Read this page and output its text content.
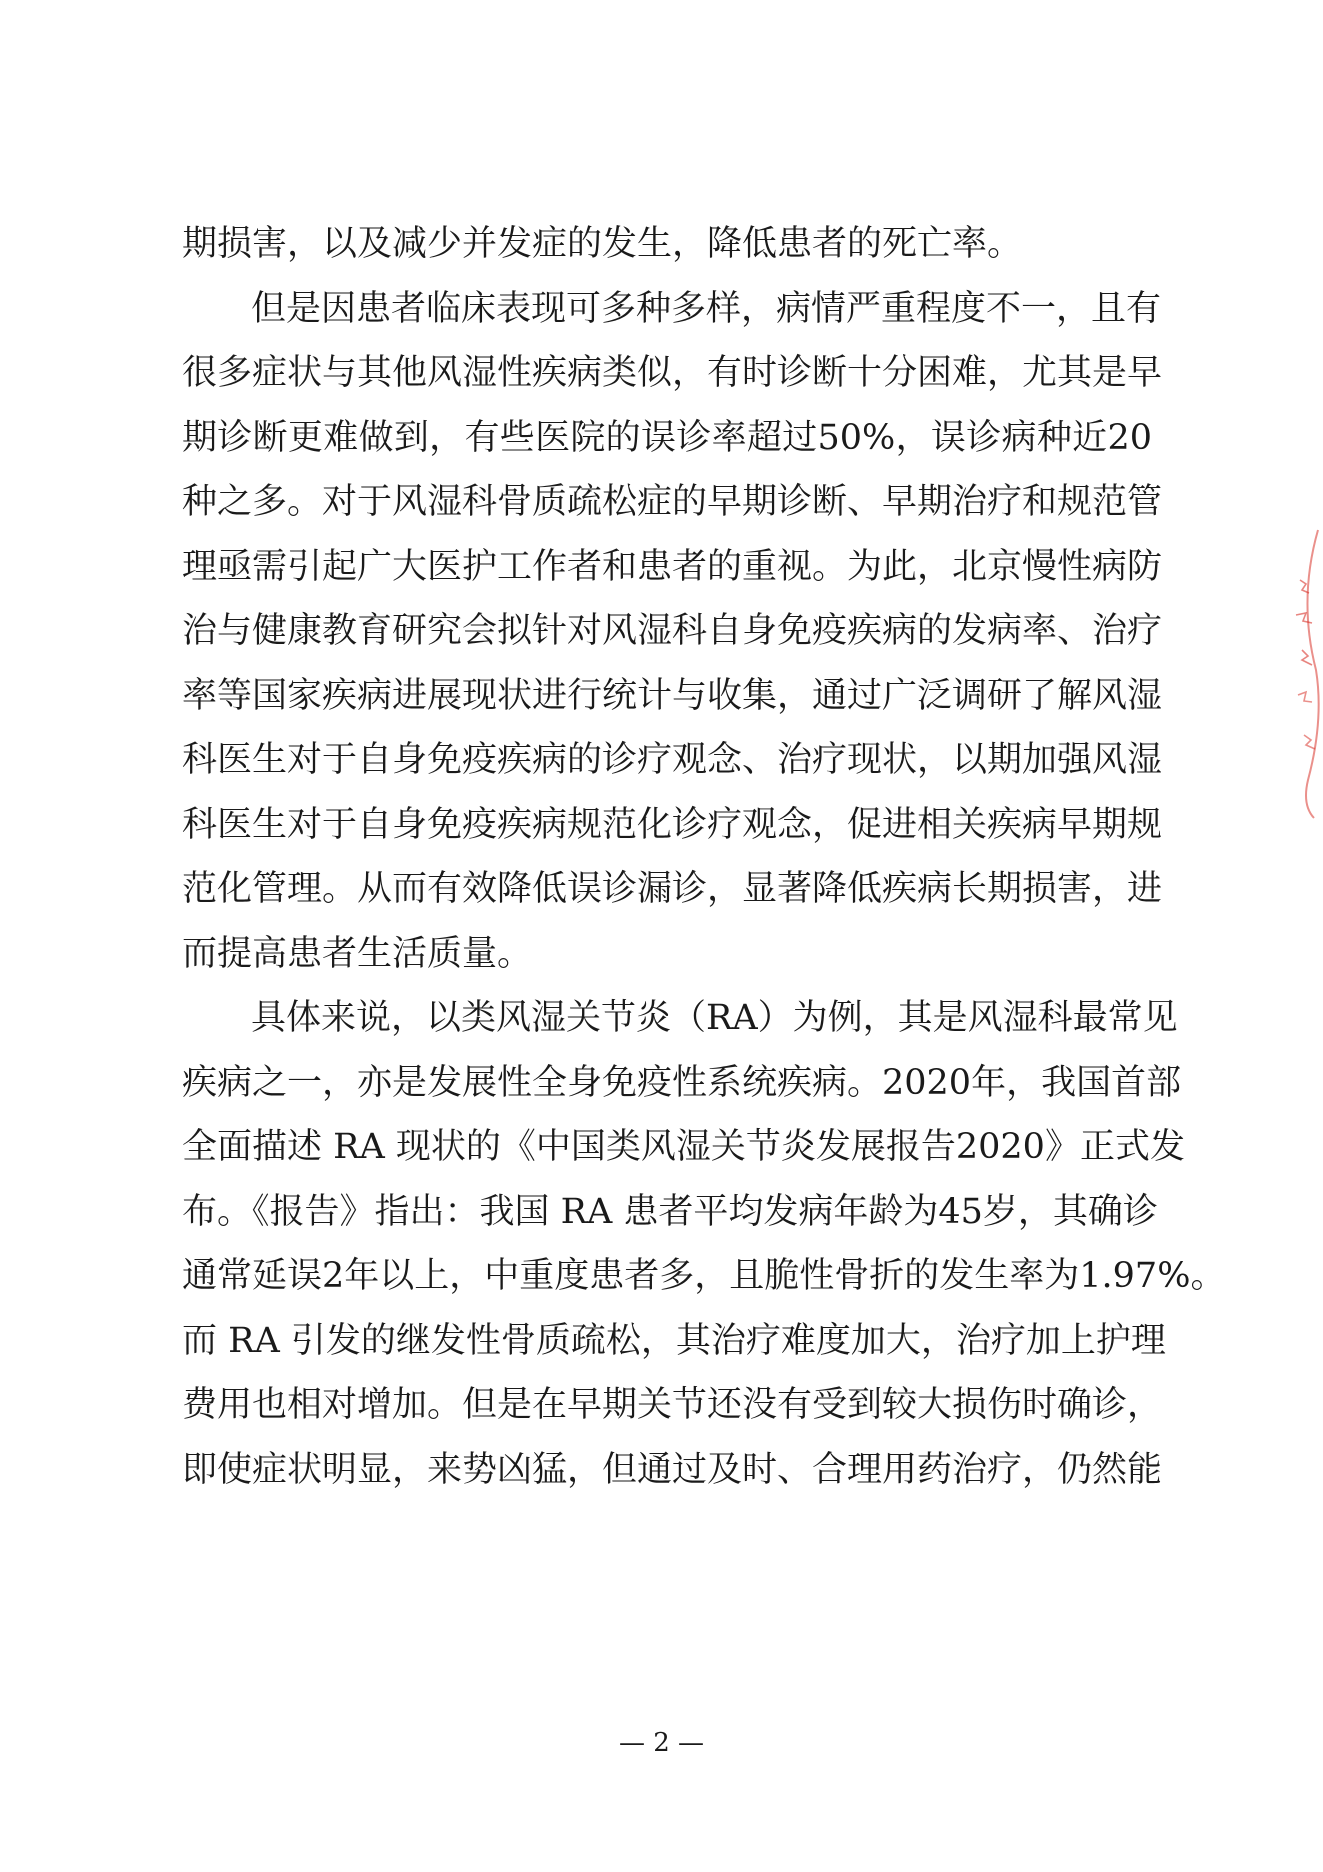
期损害，以及减少并发症的发生，降低患者的死亡率。
但是因患者临床表现可多种多样，病情严重程度不一，且有
很多症状与其他风湿性疾病类似，有时诊断十分困难，尤其是早
期诊断更难做到，有些医院的误诊率超过50%，误诊病种近20
种之多。对于风湿科骨质疏松症的早期诊断、早期治疗和规范管
理亟需引起广大医护工作者和患者的重视。为此，北京慢性病防
治与健康教育研究会拟针对风湿科自身免疫疾病的发病率、治疗
率等国家疾病进展现状进行统计与收集，通过广泛调研了解风湿
科医生对于自身免疫疾病的诊疗观念、治疗现状，以期加强风湿
科医生对于自身免疫疾病规范化诊疗观念，促进相关疾病早期规
范化管理。从而有效降低误诊漏诊，显著降低疾病长期损害，进
而提高患者生活质量。
具体来说，以类风湿关节炎（RA）为例，其是风湿科最常见
疾病之一，亦是发展性全身免疫性系统疾病。2020年，我国首部
全面描述 RA 现状的《中国类风湿关节炎发展报告2020》正式发
布。《报告》指出：我国 RA 患者平均发病年龄为45岁，其确诊
通常延误2年以上，中重度患者多，且脆性骨折的发生率为1.97%。
而 RA 引发的继发性骨质疏松，其治疗难度加大，治疗加上护理
费用也相对增加。但是在早期关节还没有受到较大损伤时确诊，
即使症状明显，来势凶猛，但通过及时、合理用药治疗，仍然能
— 2 —
